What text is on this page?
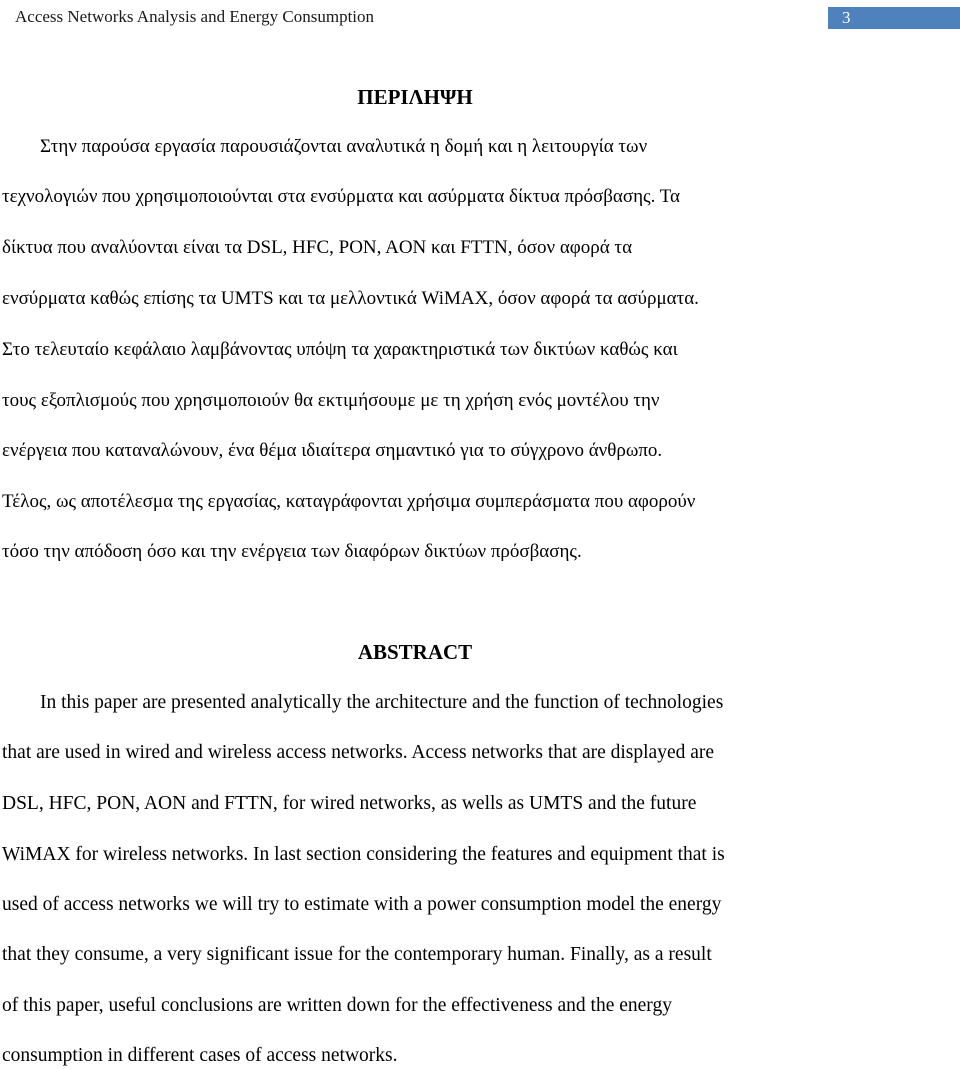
Access Networks Analysis and Energy Consumption	3
ΠΕΡΙΛΗΨΗ
Στην παρούσα εργασία παρουσιάζονται αναλυτικά η δομή και η λειτουργία των
τεχνολογιών που χρησιμοποιούνται στα ενσύρματα και ασύρματα δίκτυα πρόσβασης. Τα
δίκτυα που αναλύονται είναι τα DSL, HFC, PON, AON και FTTN, όσον αφορά τα
ενσύρματα καθώς επίσης τα UMTS και τα μελλοντικά WiMAX, όσον αφορά τα ασύρματα.
Στο τελευταίο κεφάλαιο λαμβάνοντας υπόψη τα χαρακτηριστικά των δικτύων καθώς και
τους εξοπλισμούς που χρησιμοποιούν θα εκτιμήσουμε με τη χρήση ενός μοντέλου την
ενέργεια που καταναλώνουν, ένα θέμα ιδιαίτερα σημαντικό για το σύγχρονο άνθρωπο.
Τέλος, ως αποτέλεσμα της εργασίας, καταγράφονται χρήσιμα συμπεράσματα που αφορούν
τόσο την απόδοση όσο και την ενέργεια των διαφόρων δικτύων πρόσβασης.
ABSTRACT
In this paper are presented analytically the architecture and the function of technologies
that are used in wired and wireless access networks. Access networks that are displayed are
DSL, HFC, PON, AON and FTTN, for wired networks, as wells as UMTS and the future
WiMAX for wireless networks. In last section considering the features and equipment that is
used of access networks we will try to estimate with a power consumption model the energy
that they consume, a very significant issue for the contemporary human. Finally, as a result
of this paper, useful conclusions are written down for the effectiveness and the energy
consumption in different cases of access networks.
